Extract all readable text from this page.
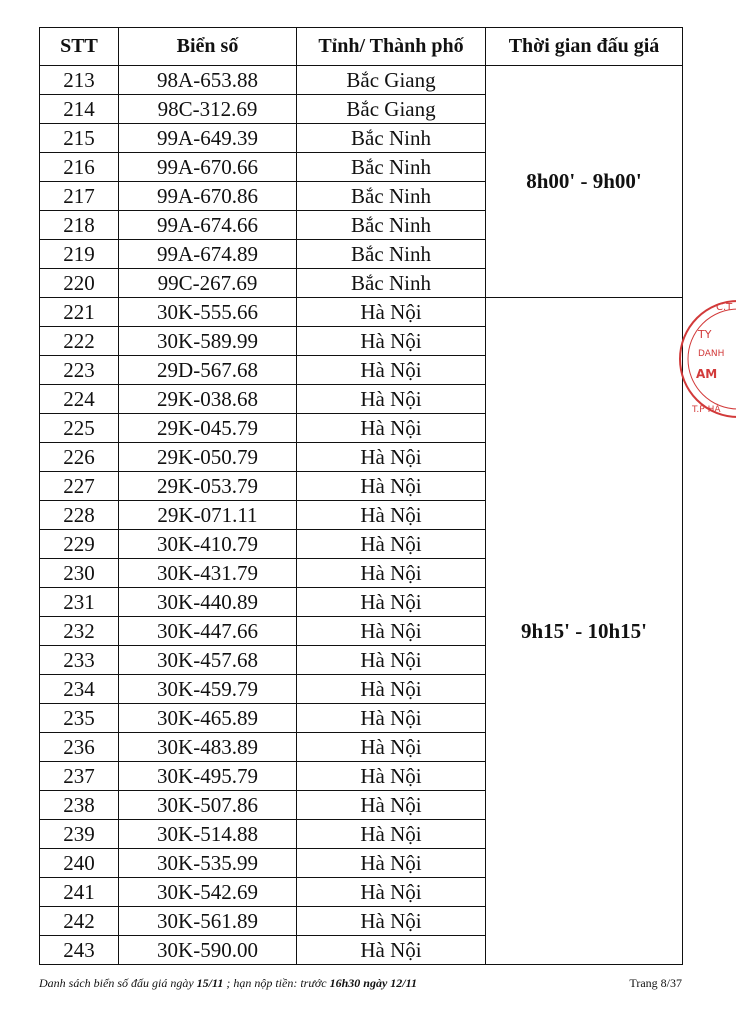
STT	Biển số	Tỉnh/ Thành phố	Thời gian đấu giá
213	98A-653.88	Bắc Giang	8h00' - 9h00'
214	98C-312.69	Bắc Giang	
215	99A-649.39	Bắc Ninh	
216	99A-670.66	Bắc Ninh	
217	99A-670.86	Bắc Ninh	
218	99A-674.66	Bắc Ninh	
219	99A-674.89	Bắc Ninh	
220	99C-267.69	Bắc Ninh	
221	30K-555.66	Hà Nội	9h15' - 10h15'
222	30K-589.99	Hà Nội	
223	29D-567.68	Hà Nội	
224	29K-038.68	Hà Nội	
225	29K-045.79	Hà Nội	
226	29K-050.79	Hà Nội	
227	29K-053.79	Hà Nội	
228	29K-071.11	Hà Nội	
229	30K-410.79	Hà Nội	
230	30K-431.79	Hà Nội	
231	30K-440.89	Hà Nội	
232	30K-447.66	Hà Nội	
233	30K-457.68	Hà Nội	
234	30K-459.79	Hà Nội	
235	30K-465.89	Hà Nội	
236	30K-483.89	Hà Nội	
237	30K-495.79	Hà Nội	
238	30K-507.86	Hà Nội	
239	30K-514.88	Hà Nội	
240	30K-535.99	Hà Nội	
241	30K-542.69	Hà Nội	
242	30K-561.89	Hà Nội	
243	30K-590.00	Hà Nội	
C.T
TY
DANH
AM
T.P HÀ
Danh sách biển số đấu giá ngày 15/11 ; hạn nộp tiền: trước 16h30 ngày 12/11	Trang 8/37
